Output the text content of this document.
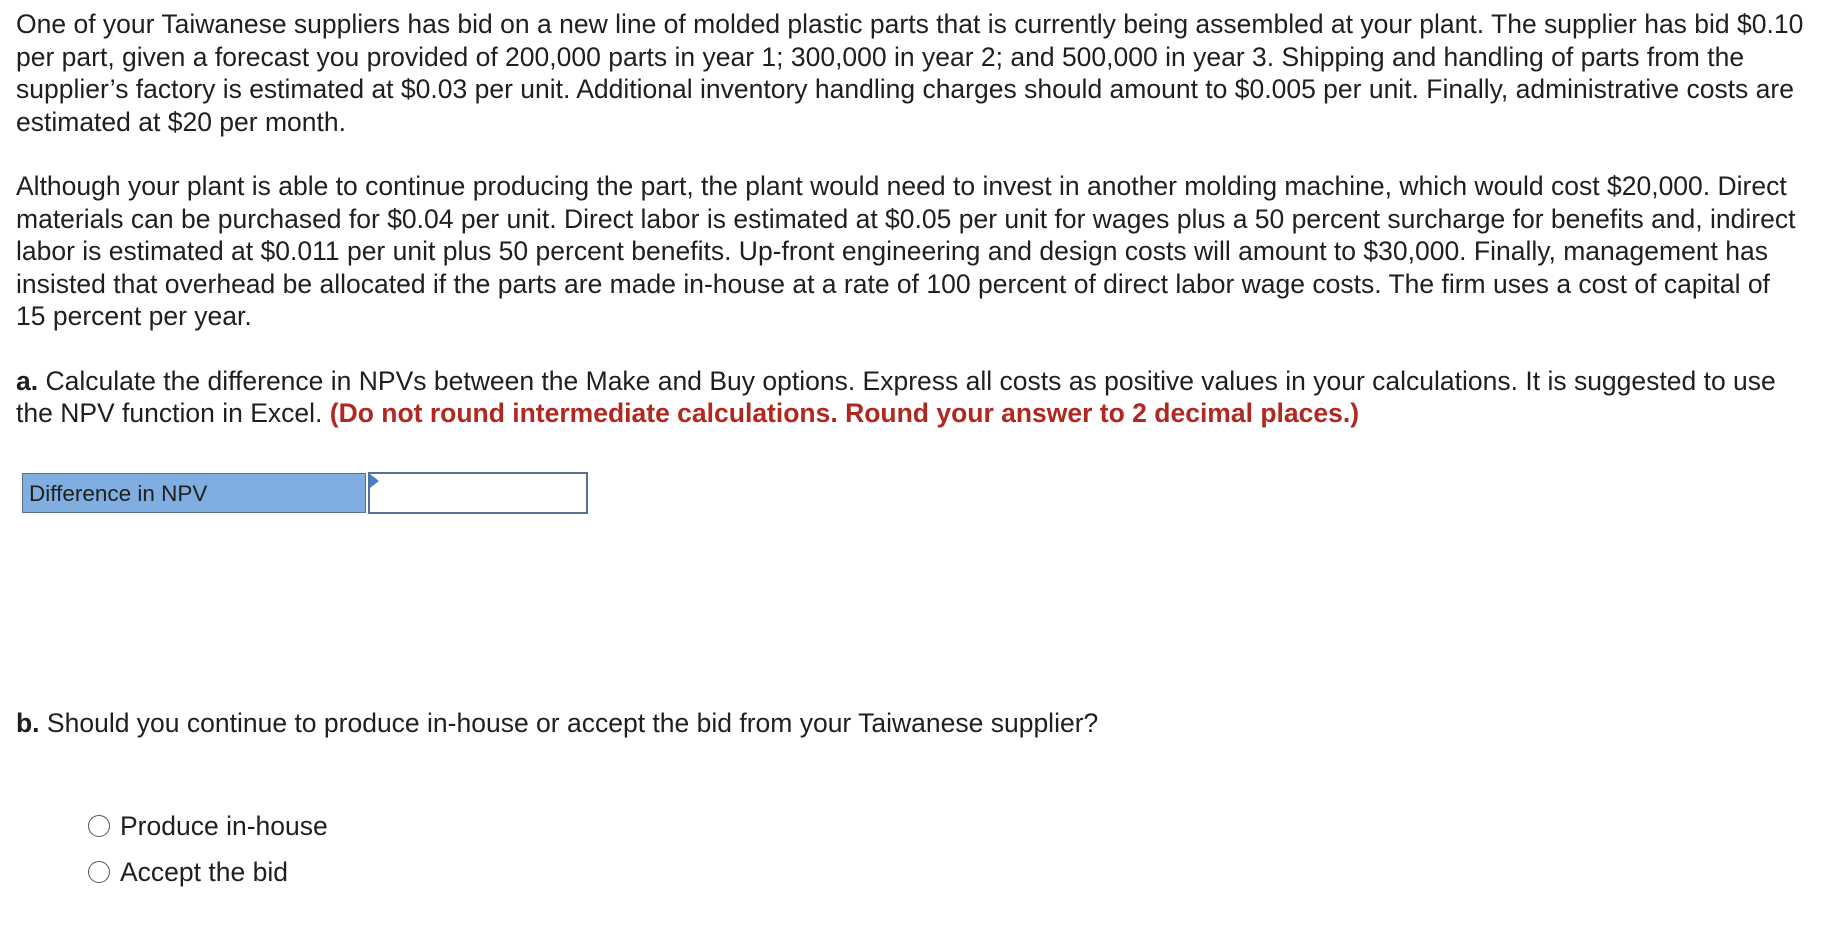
One of your Taiwanese suppliers has bid on a new line of molded plastic parts that is currently being assembled at your plant. The supplier has bid $0.10 per part, given a forecast you provided of 200,000 parts in year 1; 300,000 in year 2; and 500,000 in year 3. Shipping and handling of parts from the supplier’s factory is estimated at $0.03 per unit. Additional inventory handling charges should amount to $0.005 per unit. Finally, administrative costs are estimated at $20 per month.

Although your plant is able to continue producing the part, the plant would need to invest in another molding machine, which would cost $20,000. Direct materials can be purchased for $0.04 per unit. Direct labor is estimated at $0.05 per unit for wages plus a 50 percent surcharge for benefits and, indirect labor is estimated at $0.011 per unit plus 50 percent benefits. Up-front engineering and design costs will amount to $30,000. Finally, management has insisted that overhead be allocated if the parts are made in-house at a rate of 100 percent of direct labor wage costs. The firm uses a cost of capital of 15 percent per year.

a. Calculate the difference in NPVs between the Make and Buy options. Express all costs as positive values in your calculations. It is suggested to use the NPV function in Excel. (Do not round intermediate calculations. Round your answer to 2 decimal places.)

Difference in NPV

b. Should you continue to produce in-house or accept the bid from your Taiwanese supplier?

Produce in-house
Accept the bid
